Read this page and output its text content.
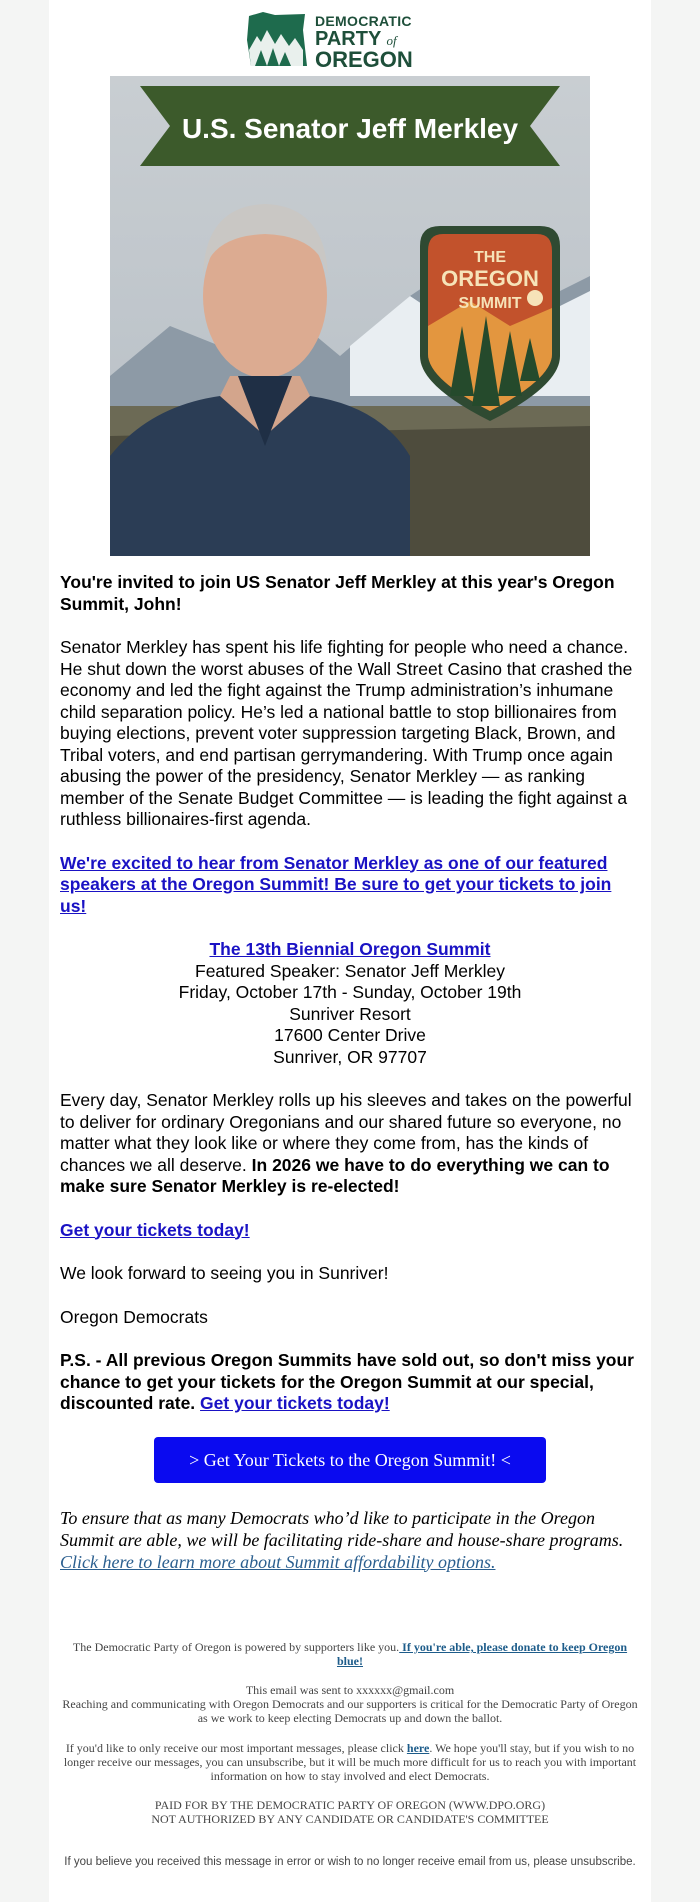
DEMOCRATIC
PARTY of
OREGON
U.S. Senator Jeff Merkley
THE
OREGON
SUMMIT

You're invited to join US Senator Jeff Merkley at this year's Oregon Summit, John!

Senator Merkley has spent his life fighting for people who need a chance. He shut down the worst abuses of the Wall Street Casino that crashed the economy and led the fight against the Trump administration’s inhumane child separation policy. He’s led a national battle to stop billionaires from buying elections, prevent voter suppression targeting Black, Brown, and Tribal voters, and end partisan gerrymandering. With Trump once again abusing the power of the presidency, Senator Merkley — as ranking member of the Senate Budget Committee — is leading the fight against a ruthless billionaires-first agenda.

We're excited to hear from Senator Merkley as one of our featured speakers at the Oregon Summit! Be sure to get your tickets to join us!

The 13th Biennial Oregon Summit
Featured Speaker: Senator Jeff Merkley
Friday, October 17th - Sunday, October 19th
Sunriver Resort
17600 Center Drive
Sunriver, OR 97707

Every day, Senator Merkley rolls up his sleeves and takes on the powerful to deliver for ordinary Oregonians and our shared future so everyone, no matter what they look like or where they come from, has the kinds of chances we all deserve. In 2026 we have to do everything we can to make sure Senator Merkley is re-elected!

Get your tickets today!

We look forward to seeing you in Sunriver!

Oregon Democrats

P.S. - All previous Oregon Summits have sold out, so don't miss your chance to get your tickets for the Oregon Summit at our special, discounted rate. Get your tickets today!

> Get Your Tickets to the Oregon Summit! <

To ensure that as many Democrats who’d like to participate in the Oregon Summit are able, we will be facilitating ride-share and house-share programs. Click here to learn more about Summit affordability options.

The Democratic Party of Oregon is powered by supporters like you. If you're able, please donate to keep Oregon blue!
This email was sent to xxxxxx@gmail.com
Reaching and communicating with Oregon Democrats and our supporters is critical for the Democratic Party of Oregon as we work to keep electing Democrats up and down the ballot.
If you'd like to only receive our most important messages, please click here. We hope you'll stay, but if you wish to no longer receive our messages, you can unsubscribe, but it will be much more difficult for us to reach you with important information on how to stay involved and elect Democrats.
PAID FOR BY THE DEMOCRATIC PARTY OF OREGON (WWW.DPO.ORG)
NOT AUTHORIZED BY ANY CANDIDATE OR CANDIDATE'S COMMITTEE
If you believe you received this message in error or wish to no longer receive email from us, please unsubscribe.
